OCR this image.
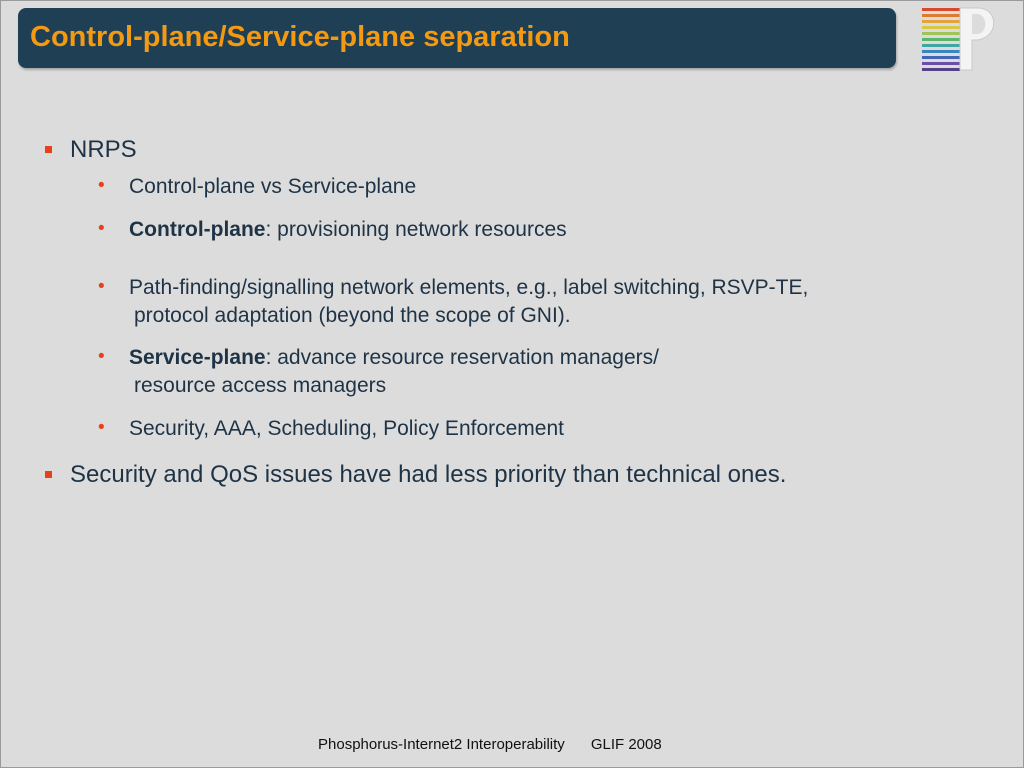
Control-plane/Service-plane separation
NRPS
• Control-plane vs Service-plane
• Control-plane: provisioning network resources
• Path-finding/signalling network elements, e.g., label switching, RSVP-TE,
protocol adaptation (beyond the scope of GNI).
• Service-plane: advance resource reservation managers/
resource access managers
• Security, AAA, Scheduling, Policy Enforcement
Security and QoS issues have had less priority than technical ones.
Phosphorus-Internet2 Interoperability GLIF 2008
